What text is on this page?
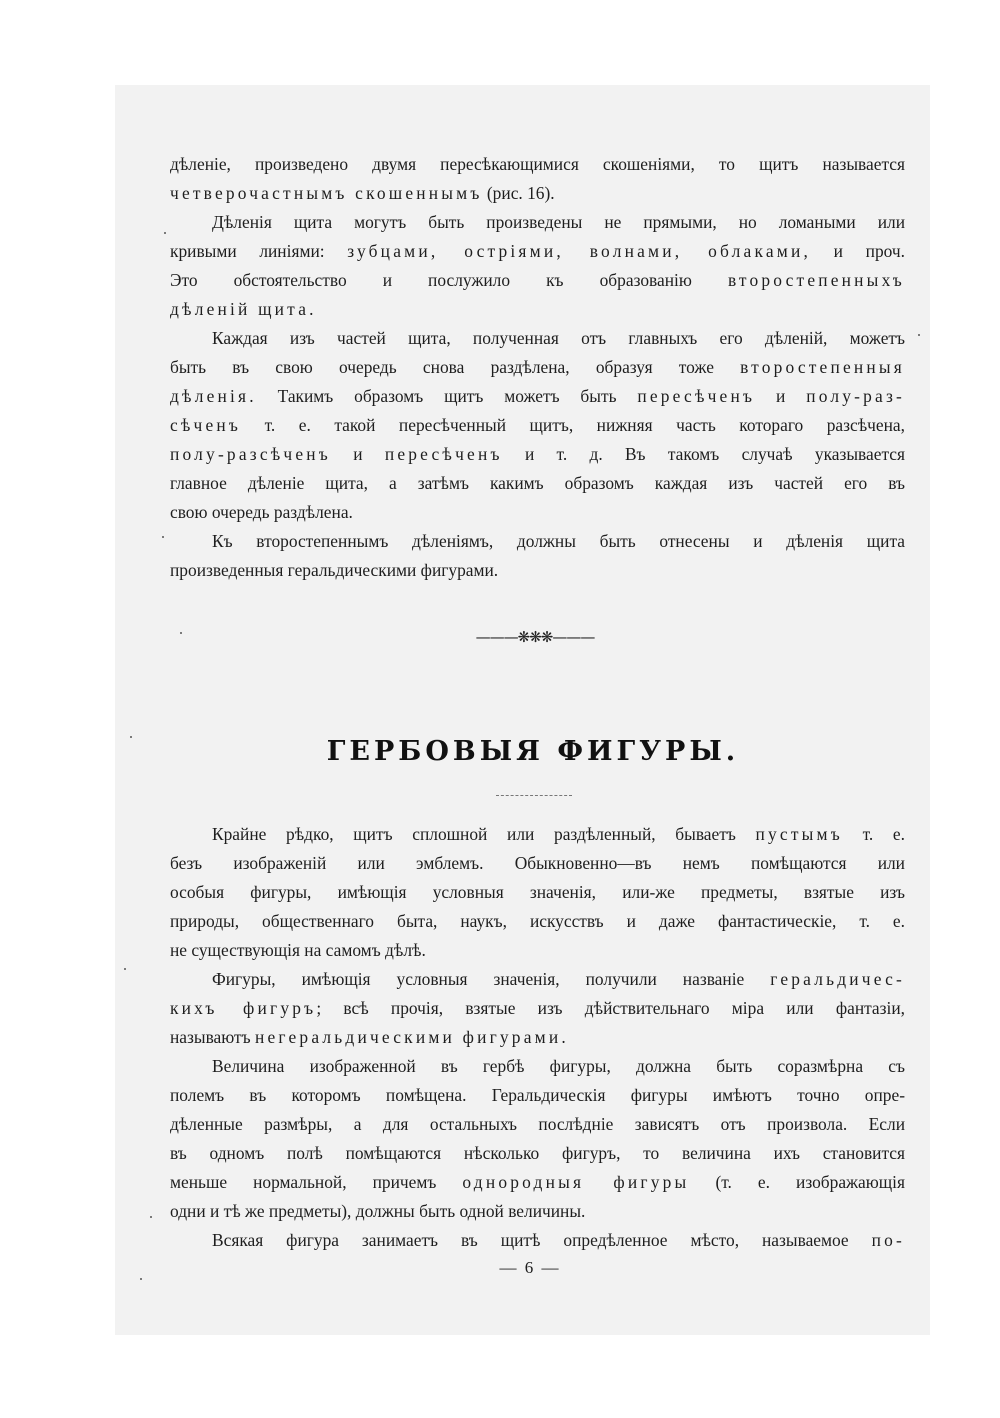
дѣленіе, произведено двумя пересѣкающимися скошеніями, то щитъ называется
четверочастнымъ скошеннымъ (рис. 16).
Дѣленія щита могутъ быть произведены не прямыми, но ломаными или
кривыми линіями: зубцами, остріями, волнами, облаками, и проч.
Это обстоятельство и послужило къ образованію второстепенныхъ
дѣленій щита.
Каждая изъ частей щита, полученная отъ главныхъ его дѣленій, можетъ
быть въ свою очередь снова раздѣлена, образуя тоже второстепенныя
дѣленія. Такимъ образомъ щитъ можетъ быть пересѣченъ и полу-раз-
сѣченъ т. е. такой пересѣченный щитъ, нижняя часть котораго разсѣчена,
полу-разсѣченъ и пересѣченъ и т. д. Въ такомъ случаѣ указывается
главное дѣленіе щита, а затѣмъ какимъ образомъ каждая изъ частей его въ
свою очередь раздѣлена.
Къ второстепеннымъ дѣленіямъ, должны быть отнесены и дѣленія щита
произведенныя геральдическими фигурами.
———❋❋❋———
ГЕРБОВЫЯ ФИГУРЫ.
Крайне рѣдко, щитъ сплошной или раздѣленный, бываетъ пустымъ т. е.
безъ изображеній или эмблемъ. Обыкновенно—въ немъ помѣщаются или
особыя фигуры, имѣющія условныя значенія, или-же предметы, взятые изъ
природы, общественнаго быта, наукъ, искусствъ и даже фантастическіе, т. е.
не существующія на самомъ дѣлѣ.
Фигуры, имѣющія условныя значенія, получили названіе геральдичес-
кихъ фигуръ; всѣ прочія, взятые изъ дѣйствительнаго міра или фантазіи,
называютъ негеральдическими фигурами.
Величина изображенной въ гербѣ фигуры, должна быть соразмѣрна съ
полемъ въ которомъ помѣщена. Геральдическія фигуры имѣютъ точно опре-
дѣленные размѣры, а для остальныхъ послѣдніе зависятъ отъ произвола. Если
въ одномъ полѣ помѣщаются нѣсколько фигуръ, то величина ихъ становится
меньше нормальной, причемъ однородныя фигуры (т. е. изображающія
одни и тѣ же предметы), должны быть одной величины.
Всякая фигура занимаетъ въ щитѣ опредѣленное мѣсто, называемое по-
— 6 —
